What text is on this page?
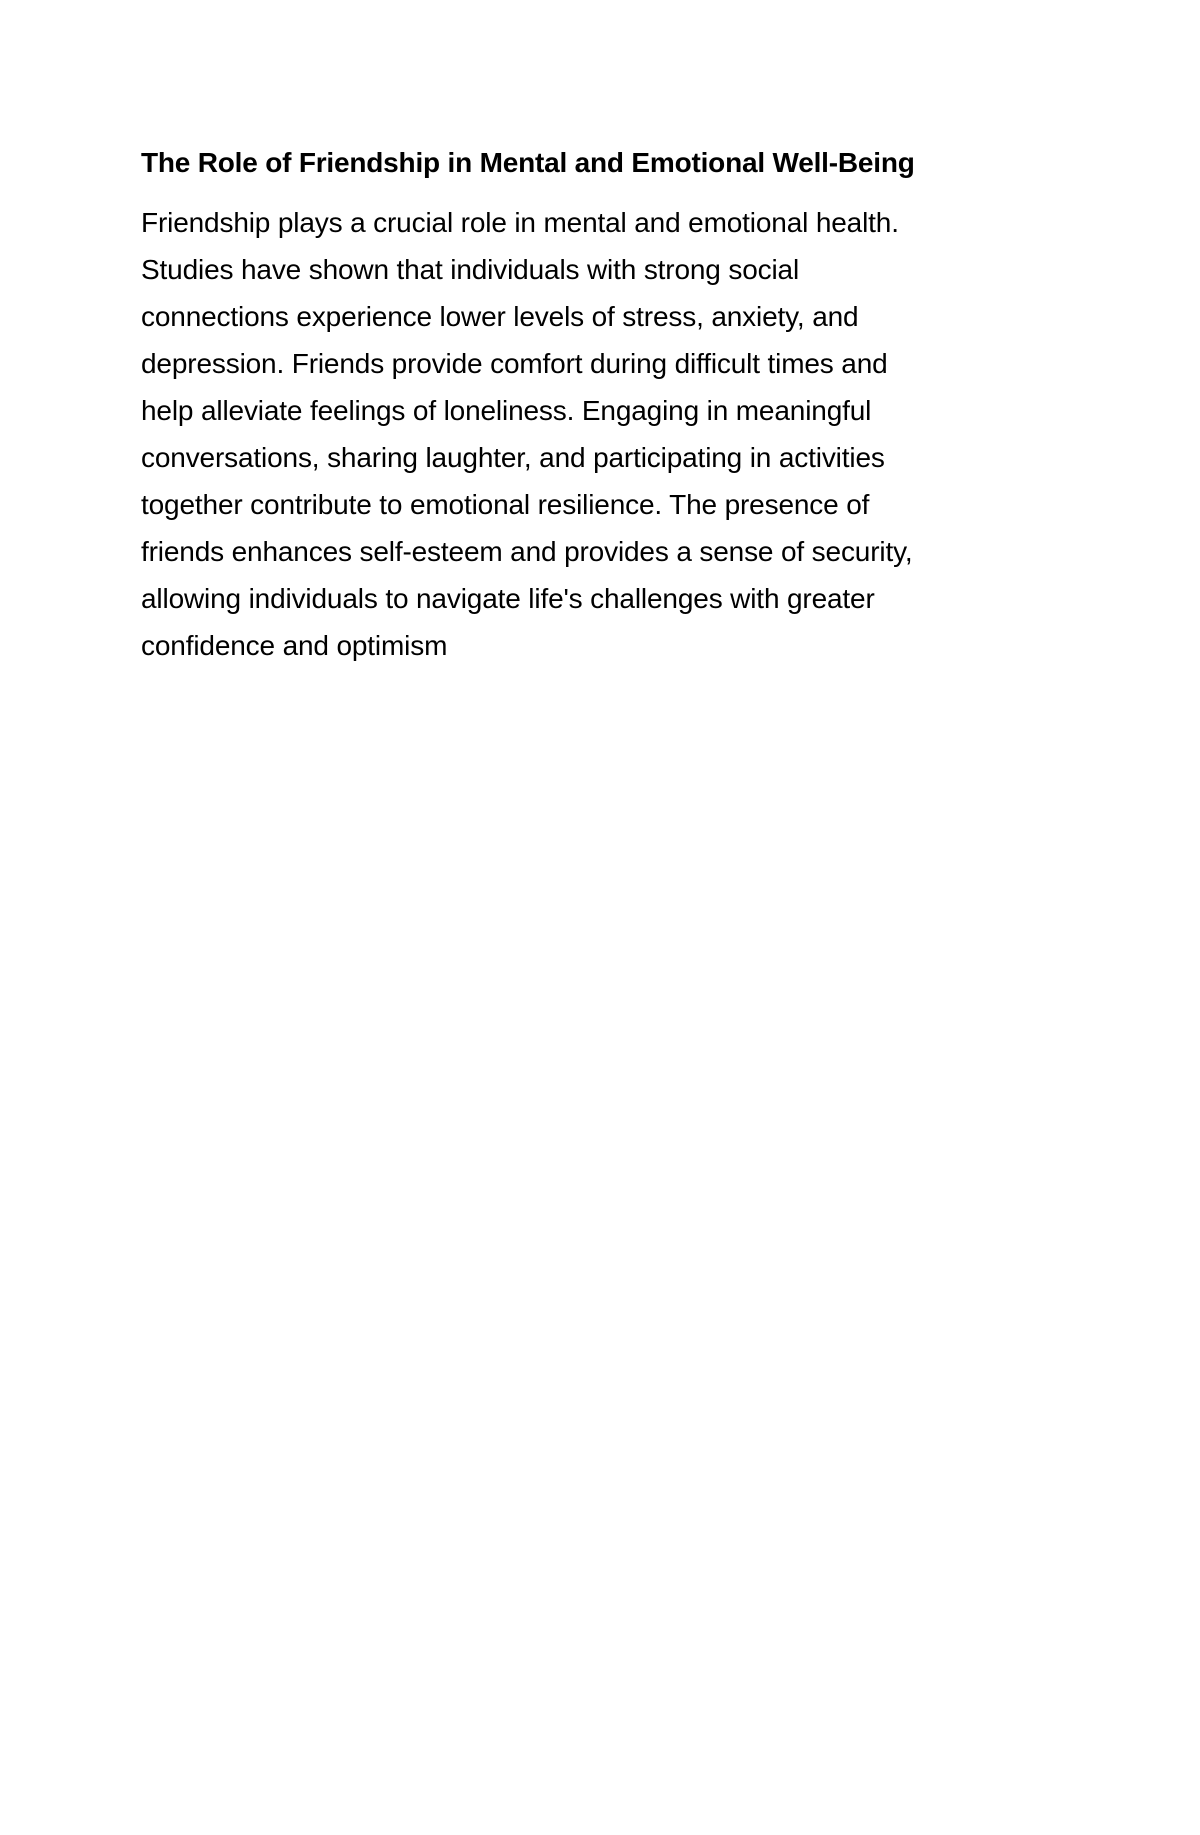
The Role of Friendship in Mental and Emotional Well-Being

Friendship plays a crucial role in mental and emotional health.
Studies have shown that individuals with strong social
connections experience lower levels of stress, anxiety, and
depression. Friends provide comfort during difficult times and
help alleviate feelings of loneliness. Engaging in meaningful
conversations, sharing laughter, and participating in activities
together contribute to emotional resilience. The presence of
friends enhances self-esteem and provides a sense of security,
allowing individuals to navigate life's challenges with greater
confidence and optimism
